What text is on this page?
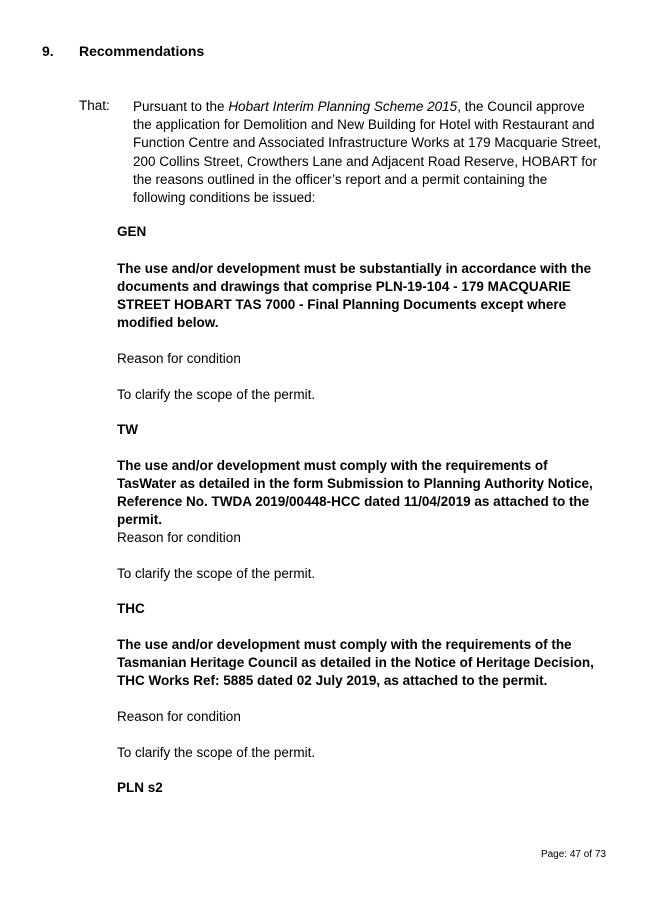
9. Recommendations
That: Pursuant to the Hobart Interim Planning Scheme 2015, the Council approve the application for Demolition and New Building for Hotel with Restaurant and Function Centre and Associated Infrastructure Works at 179 Macquarie Street, 200 Collins Street, Crowthers Lane and Adjacent Road Reserve, HOBART for the reasons outlined in the officer’s report and a permit containing the following conditions be issued:
GEN
The use and/or development must be substantially in accordance with the documents and drawings that comprise PLN-19-104 - 179 MACQUARIE STREET HOBART TAS 7000 - Final Planning Documents except where modified below.
Reason for condition
To clarify the scope of the permit.
TW
The use and/or development must comply with the requirements of TasWater as detailed in the form Submission to Planning Authority Notice, Reference No. TWDA 2019/00448-HCC dated 11/04/2019 as attached to the permit.
Reason for condition
To clarify the scope of the permit.
THC
The use and/or development must comply with the requirements of the Tasmanian Heritage Council as detailed in the Notice of Heritage Decision, THC Works Ref: 5885 dated 02 July 2019, as attached to the permit.
Reason for condition
To clarify the scope of the permit.
PLN s2
Page: 47 of 73
